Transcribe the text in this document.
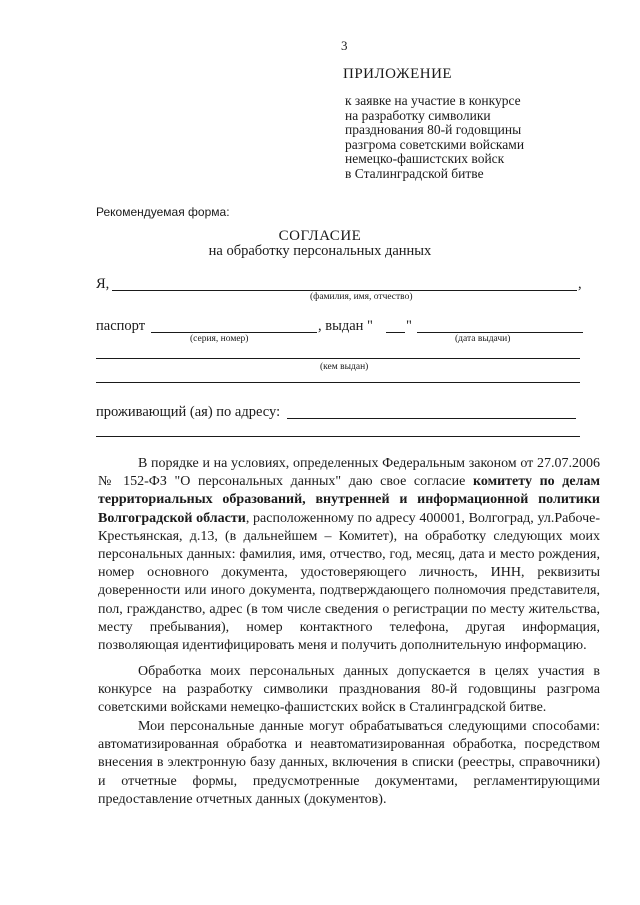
3
ПРИЛОЖЕНИЕ
к заявке на участие в конкурсе
на разработку символики
празднования 80-й годовщины
разгрома советскими войсками
немецко-фашистских войск
в Сталинградской битве
Рекомендуемая форма:
СОГЛАСИЕ
на обработку персональных данных
Я,	,
(фамилия, имя, отчество)
паспорт	, выдан " "
(серия, номер)	(дата выдачи)
(кем выдан)
проживающий (ая) по адресу:

В порядке и на условиях, определенных Федеральным законом от 27.07.2006 № 152-ФЗ "О персональных данных" даю свое согласие комитету по делам территориальных образований, внутренней и информационной политики Волгоградской области, расположенному по адресу 400001, Волгоград, ул.Рабоче-Крестьянская, д.13, (в дальнейшем – Комитет), на обработку следующих моих персональных данных: фамилия, имя, отчество, год, месяц, дата и место рождения, номер основного документа, удостоверяющего личность, ИНН, реквизиты доверенности или иного документа, подтверждающего полномочия представителя, пол, гражданство, адрес (в том числе сведения о регистрации по месту жительства, месту пребывания), номер контактного телефона, другая информация, позволяющая идентифицировать меня и получить дополнительную информацию.

Обработка моих персональных данных допускается в целях участия в конкурсе на разработку символики празднования 80-й годовщины разгрома советскими войсками немецко-фашистских войск в Сталинградской битве.

Мои персональные данные могут обрабатываться следующими способами: автоматизированная обработка и неавтоматизированная обработка, посредством внесения в электронную базу данных, включения в списки (реестры, справочники) и отчетные формы, предусмотренные документами, регламентирующими предоставление отчетных данных (документов).
